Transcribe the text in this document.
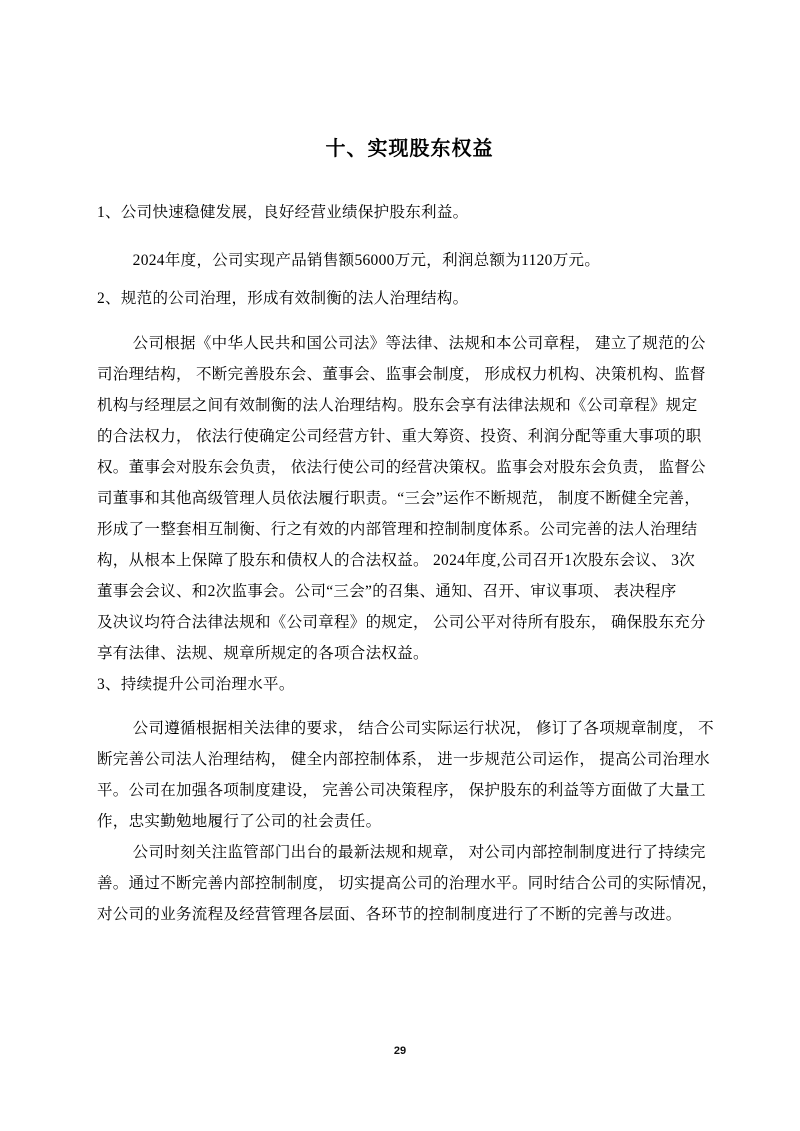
十、实现股东权益
1、公司快速稳健发展，良好经营业绩保护股东利益。
2024年度，公司实现产品销售额56000万元，利润总额为1120万元。
2、规范的公司治理，形成有效制衡的法人治理结构。
公司根据《中华人民共和国公司法》等法律、法规和本公司章程， 建立了规范的公
司治理结构， 不断完善股东会、董事会、监事会制度， 形成权力机构、决策机构、监督
机构与经理层之间有效制衡的法人治理结构。股东会享有法律法规和《公司章程》规定
的合法权力， 依法行使确定公司经营方针、重大筹资、投资、利润分配等重大事项的职
权。董事会对股东会负责， 依法行使公司的经营决策权。监事会对股东会负责， 监督公
司董事和其他高级管理人员依法履行职责。“三会”运作不断规范， 制度不断健全完善，
形成了一整套相互制衡、行之有效的内部管理和控制制度体系。公司完善的法人治理结
构，从根本上保障了股东和债权人的合法权益。 2024年度,公司召开1次股东会议、 3次
董事会会议、和2次监事会。公司“三会”的召集、通知、召开、审议事项、 表决程序
及决议均符合法律法规和《公司章程》的规定， 公司公平对待所有股东， 确保股东充分
享有法律、法规、规章所规定的各项合法权益。
3、持续提升公司治理水平。
公司遵循根据相关法律的要求， 结合公司实际运行状况， 修订了各项规章制度， 不
断完善公司法人治理结构， 健全内部控制体系， 进一步规范公司运作， 提高公司治理水
平。公司在加强各项制度建设， 完善公司决策程序， 保护股东的利益等方面做了大量工
作，忠实勤勉地履行了公司的社会责任。
公司时刻关注监管部门出台的最新法规和规章， 对公司内部控制制度进行了持续完
善。通过不断完善内部控制制度， 切实提高公司的治理水平。同时结合公司的实际情况，
对公司的业务流程及经营管理各层面、各环节的控制制度进行了不断的完善与改进。
29
